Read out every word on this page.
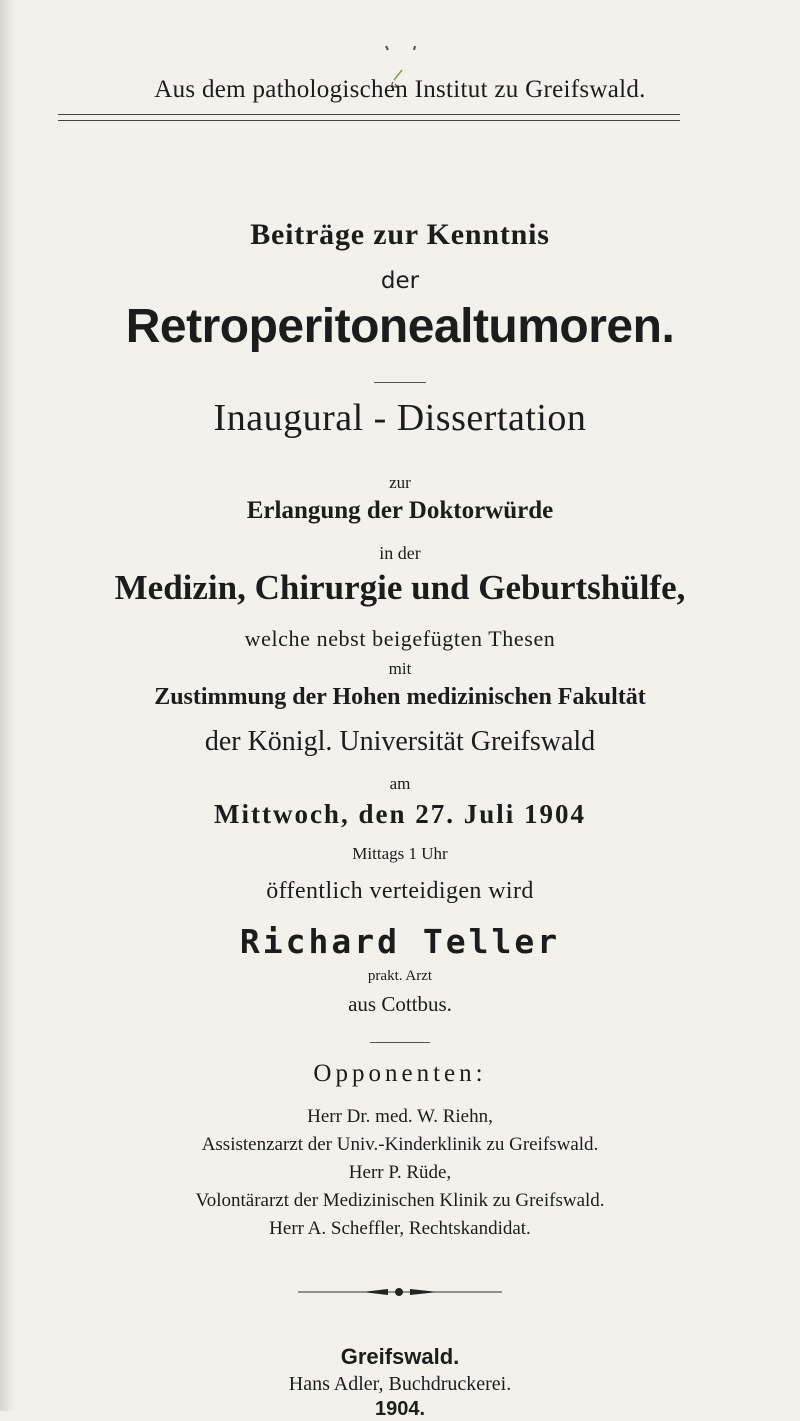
Aus dem pathologischen Institut zu Greifswald.
Beiträge zur Kenntnis
der
Retroperitonealtumoren.
Inaugural - Dissertation
zur
Erlangung der Doktorwürde
in der
Medizin, Chirurgie und Geburtshülfe,
welche nebst beigefügten Thesen
mit
Zustimmung der Hohen medizinischen Fakultät
der Königl. Universität Greifswald
am
Mittwoch, den 27. Juli 1904
Mittags 1 Uhr
öffentlich verteidigen wird
Richard Teller
prakt. Arzt
aus Cottbus.
Opponenten:
Herr Dr. med. W. Riehn,
Assistenzarzt der Univ.-Kinderklinik zu Greifswald.
Herr P. Rüde,
Volontärarzt der Medizinischen Klinik zu Greifswald.
Herr A. Scheffler, Rechtskandidat.
Greifswald.
Hans Adler, Buchdruckerei.
1904.
